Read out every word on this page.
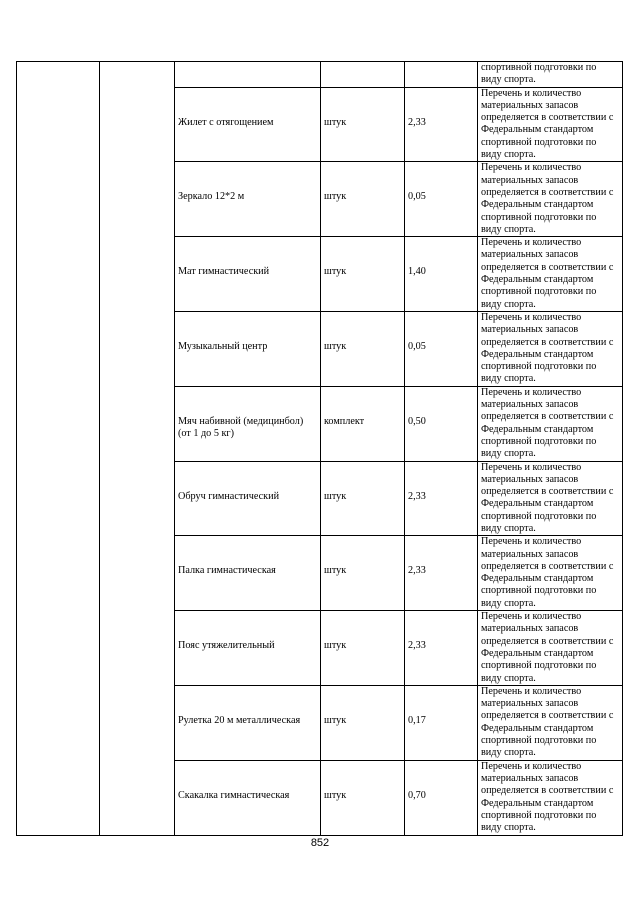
					спортивной подготовки по виду спорта.
		Жилет с отягощением	штук	2,33	Перечень и количество материальных запасов определяется в соответствии с Федеральным стандартом спортивной подготовки по виду спорта.
		Зеркало 12*2 м	штук	0,05	Перечень и количество материальных запасов определяется в соответствии с Федеральным стандартом спортивной подготовки по виду спорта.
		Мат гимнастический	штук	1,40	Перечень и количество материальных запасов определяется в соответствии с Федеральным стандартом спортивной подготовки по виду спорта.
		Музыкальный центр	штук	0,05	Перечень и количество материальных запасов определяется в соответствии с Федеральным стандартом спортивной подготовки по виду спорта.
		Мяч набивной (медицинбол) (от 1 до 5 кг)	комплект	0,50	Перечень и количество материальных запасов определяется в соответствии с Федеральным стандартом спортивной подготовки по виду спорта.
		Обруч гимнастический	штук	2,33	Перечень и количество материальных запасов определяется в соответствии с Федеральным стандартом спортивной подготовки по виду спорта.
		Палка гимнастическая	штук	2,33	Перечень и количество материальных запасов определяется в соответствии с Федеральным стандартом спортивной подготовки по виду спорта.
		Пояс утяжелительный	штук	2,33	Перечень и количество материальных запасов определяется в соответствии с Федеральным стандартом спортивной подготовки по виду спорта.
		Рулетка 20 м металлическая	штук	0,17	Перечень и количество материальных запасов определяется в соответствии с Федеральным стандартом спортивной подготовки по виду спорта.
		Скакалка гимнастическая	штук	0,70	Перечень и количество материальных запасов определяется в соответствии с Федеральным стандартом спортивной подготовки по виду спорта.
852
